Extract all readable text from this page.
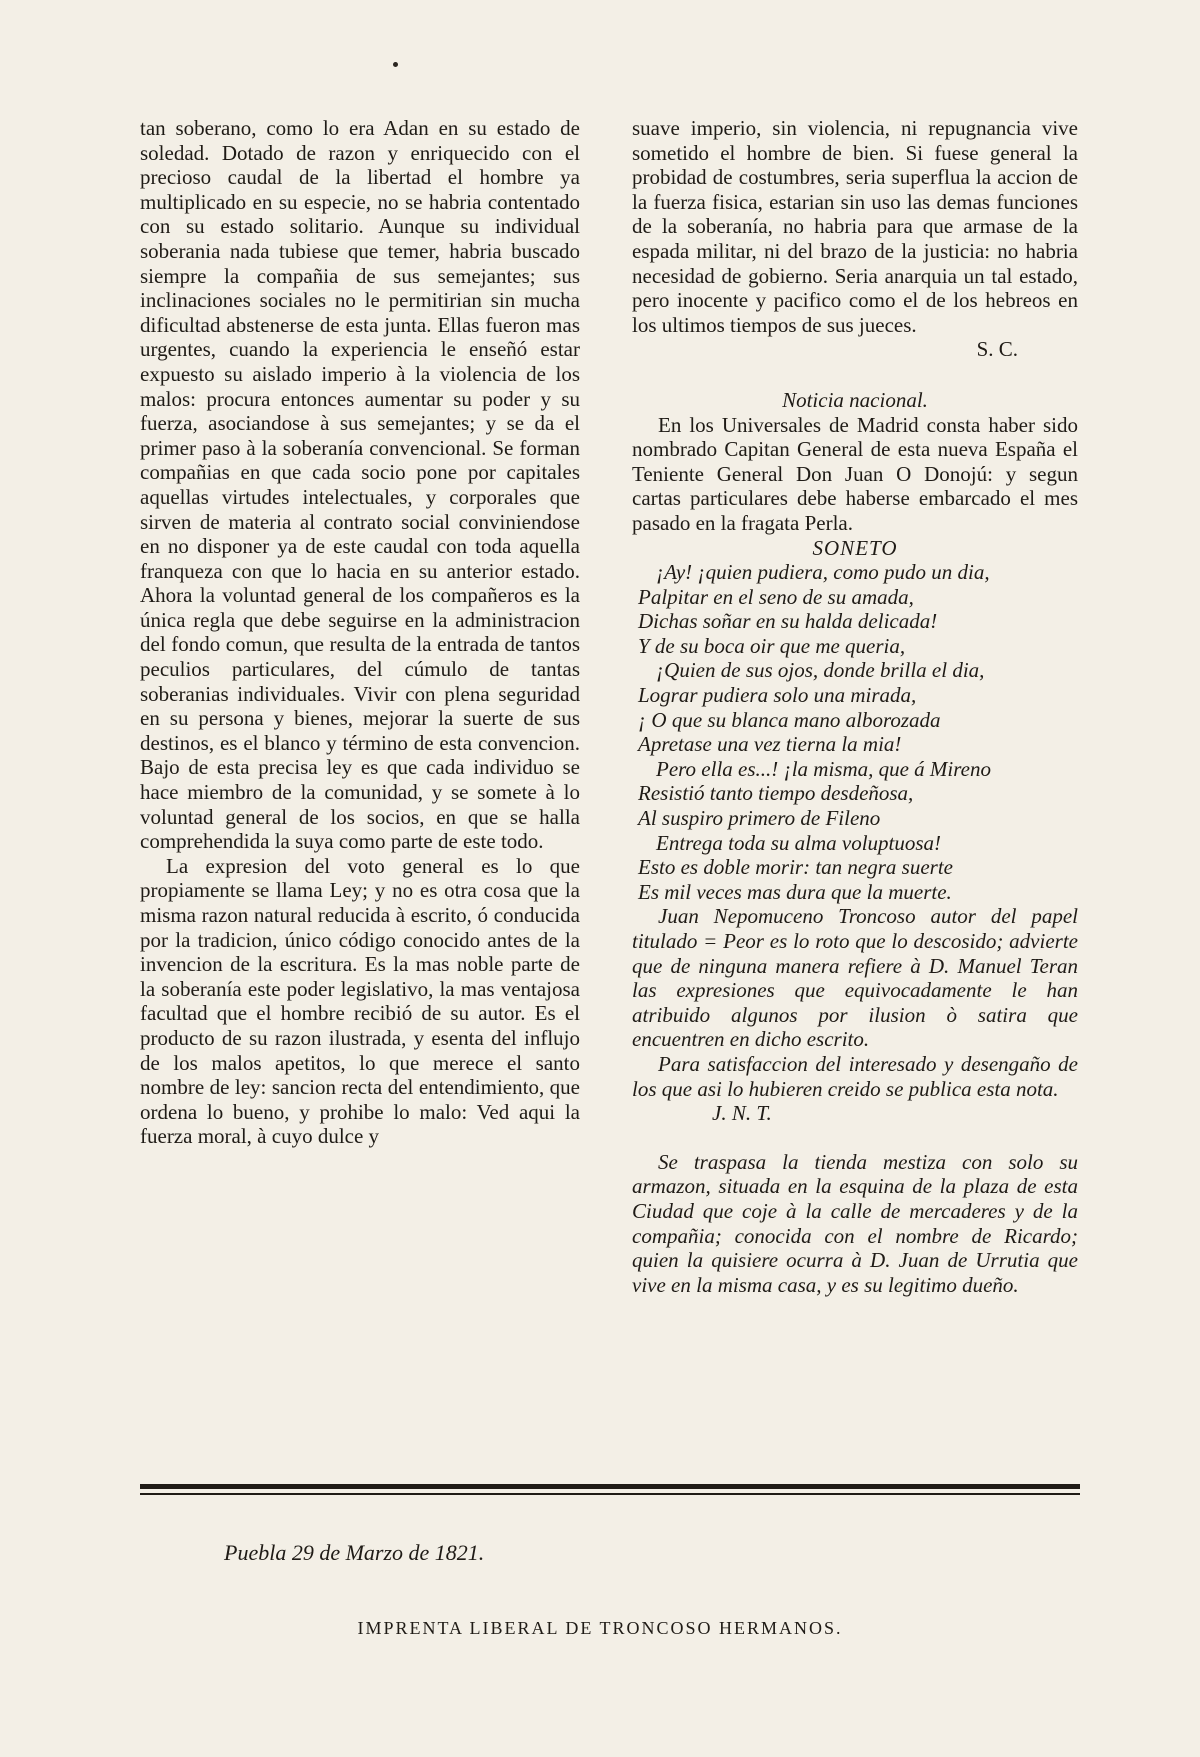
tan soberano, como lo era Adan en su estado de soledad. Dotado de razon y enriquecido con el precioso caudal de la libertad el hombre ya multiplicado en su especie, no se habria contentado con su estado solitario. Aunque su individual soberania nada tubiese que temer, habria buscado siempre la compañia de sus semejantes; sus inclinaciones sociales no le permitirian sin mucha dificultad abstenerse de esta junta. Ellas fueron mas urgentes, cuando la experiencia le enseñó estar expuesto su aislado imperio à la violencia de los malos: procura entonces aumentar su poder y su fuerza, asociandose à sus semejantes; y se da el primer paso à la soberanía convencional. Se forman compañias en que cada socio pone por capitales aquellas virtudes intelectuales, y corporales que sirven de materia al contrato social conviniendose en no disponer ya de este caudal con toda aquella franqueza con que lo hacia en su anterior estado. Ahora la voluntad general de los compañeros es la única regla que debe seguirse en la administracion del fondo comun, que resulta de la entrada de tantos peculios particulares, del cúmulo de tantas soberanias individuales. Vivir con plena seguridad en su persona y bienes, mejorar la suerte de sus destinos, es el blanco y término de esta convencion. Bajo de esta precisa ley es que cada individuo se hace miembro de la comunidad, y se somete à lo voluntad general de los socios, en que se halla comprehendida la suya como parte de este todo.

La expresion del voto general es lo que propiamente se llama Ley; y no es otra cosa que la misma razon natural reducida à escrito, ó conducida por la tradicion, único código conocido antes de la invencion de la escritura. Es la mas noble parte de la soberanía este poder legislativo, la mas ventajosa facultad que el hombre recibió de su autor. Es el producto de su razon ilustrada, y esenta del influjo de los malos apetitos, lo que merece el santo nombre de ley: sancion recta del entendimiento, que ordena lo bueno, y prohibe lo malo: Ved aqui la fuerza moral, à cuyo dulce y

suave imperio, sin violencia, ni repugnancia vive sometido el hombre de bien. Si fuese general la probidad de costumbres, seria superflua la accion de la fuerza fisica, estarian sin uso las demas funciones de la soberanía, no habria para que armase de la espada militar, ni del brazo de la justicia: no habria necesidad de gobierno. Seria anarquia un tal estado, pero inocente y pacifico como el de los hebreos en los ultimos tiempos de sus jueces.

S. C.

Noticia nacional.

En los Universales de Madrid consta haber sido nombrado Capitan General de esta nueva España el Teniente General Don Juan O Donojú: y segun cartas particulares debe haberse embarcado el mes pasado en la fragata Perla.

SONETO

¡Ay! ¡quien pudiera, como pudo un dia,
Palpitar en el seno de su amada,
Dichas soñar en su halda delicada!
Y de su boca oir que me queria,
¡Quien de sus ojos, donde brilla el dia,
Lograr pudiera solo una mirada,
¡ O que su blanca mano alborozada
Apretase una vez tierna la mia!
Pero ella es...! ¡la misma, que á Mireno
Resistió tanto tiempo desdeñosa,
Al suspiro primero de Fileno
Entrega toda su alma voluptuosa!
Esto es doble morir: tan negra suerte
Es mil veces mas dura que la muerte.

Juan Nepomuceno Troncoso autor del papel titulado = Peor es lo roto que lo descosido; advierte que de ninguna manera refiere à D. Manuel Teran las expresiones que equivocadamente le han atribuido algunos por ilusion ò satira que encuentren en dicho escrito.

Para satisfaccion del interesado y desengaño de los que asi lo hubieren creido se publica esta nota.

J. N. T.

Se traspasa la tienda mestiza con solo su armazon, situada en la esquina de la plaza de esta Ciudad que coje à la calle de mercaderes y de la compañia; conocida con el nombre de Ricardo; quien la quisiere ocurra à D. Juan de Urrutia que vive en la misma casa, y es su legitimo dueño.

Puebla 29 de Marzo de 1821.
IMPRENTA LIBERAL DE TRONCOSO HERMANOS.
